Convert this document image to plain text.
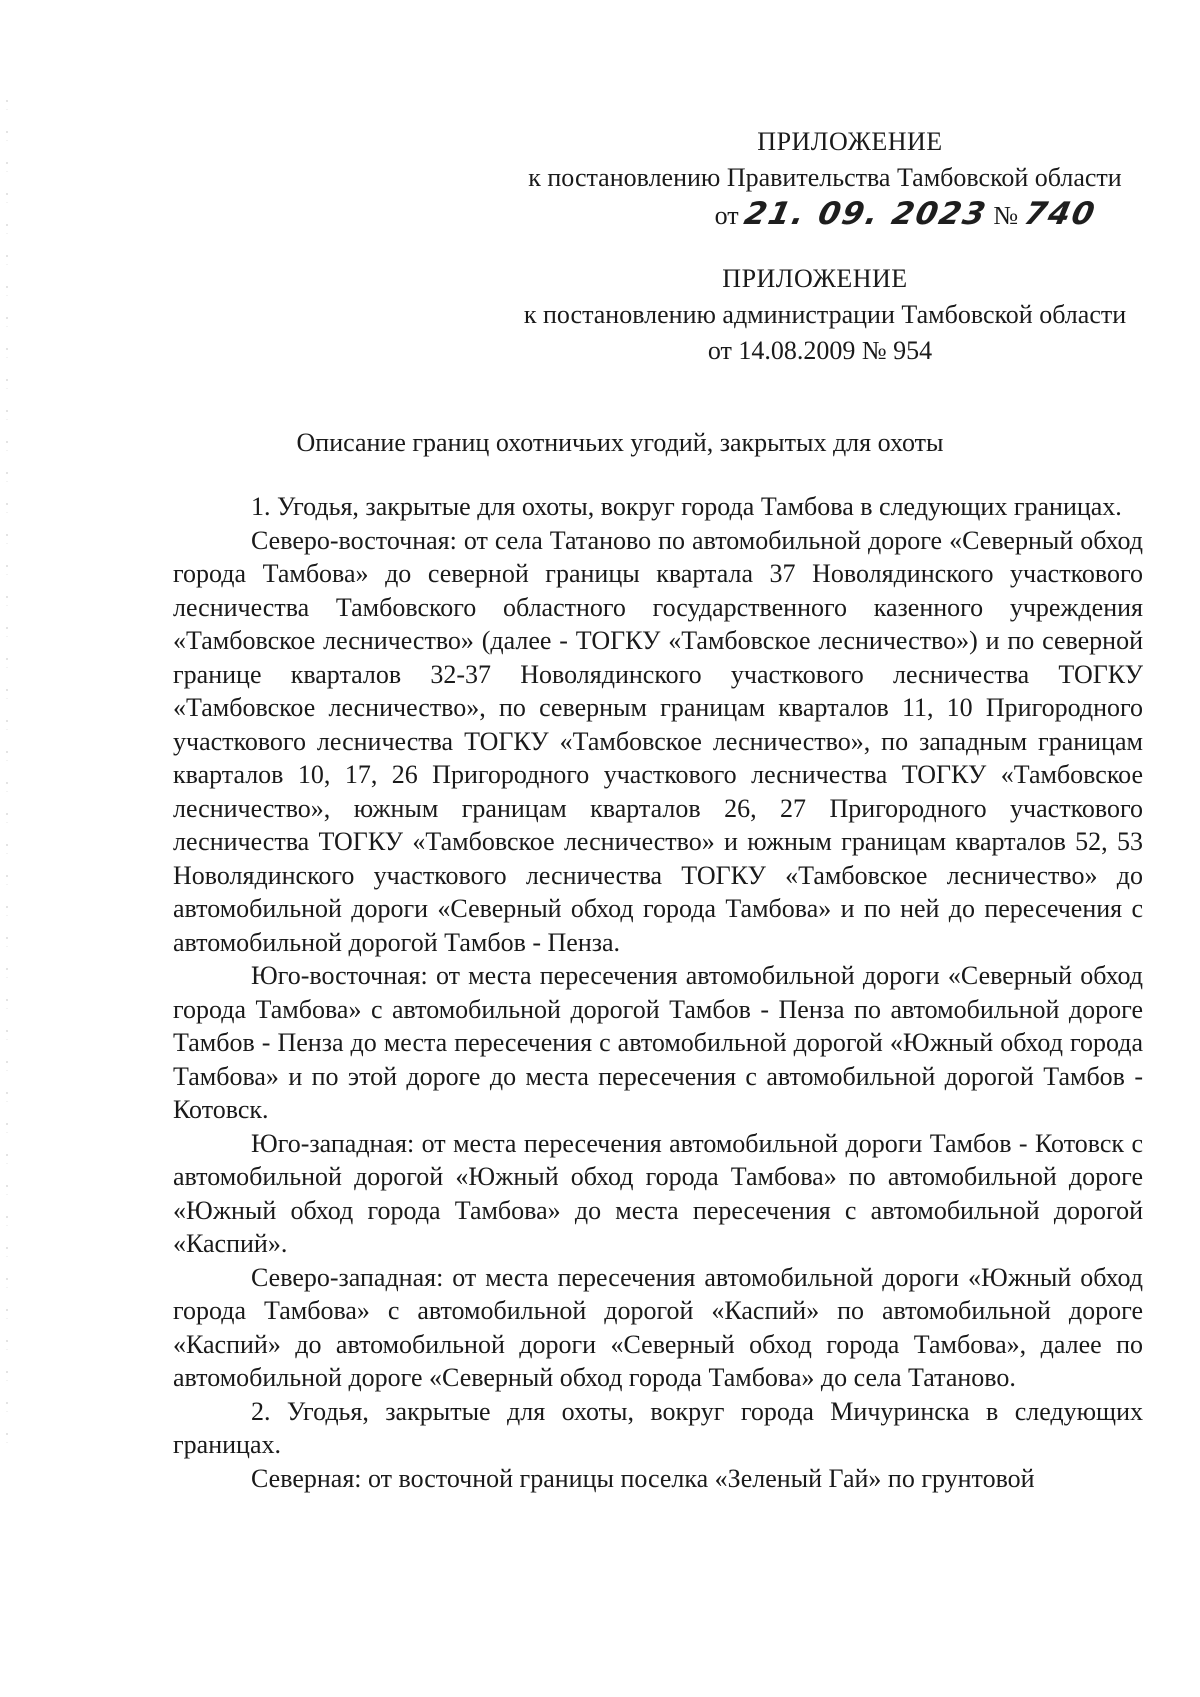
ПРИЛОЖЕНИЕ
к постановлению Правительства Тамбовской области
от 21. 09. 2023 № 740
ПРИЛОЖЕНИЕ
к постановлению администрации Тамбовской области
от 14.08.2009 № 954
Описание границ охотничьих угодий, закрытых для охоты

1. Угодья, закрытые для охоты, вокруг города Тамбова в следующих границах.

Северо-восточная: от села Татаново по автомобильной дороге «Северный обход города Тамбова» до северной границы квартала 37 Новолядинского участкового лесничества Тамбовского областного государственного казенного учреждения «Тамбовское лесничество» (далее - ТОГКУ «Тамбовское лесничество») и по северной границе кварталов 32-37 Новолядинского участкового лесничества ТОГКУ «Тамбовское лесничество», по северным границам кварталов 11, 10 Пригородного участкового лесничества ТОГКУ «Тамбовское лесничество», по западным границам кварталов 10, 17, 26 Пригородного участкового лесничества ТОГКУ «Тамбовское лесничество», южным границам кварталов 26, 27 Пригородного участкового лесничества ТОГКУ «Тамбовское лесничество» и южным границам кварталов 52, 53 Новолядинского участкового лесничества ТОГКУ «Тамбовское лесничество» до автомобильной дороги «Северный обход города Тамбова» и по ней до пересечения с автомобильной дорогой Тамбов - Пенза.

Юго-восточная: от места пересечения автомобильной дороги «Северный обход города Тамбова» с автомобильной дорогой Тамбов - Пенза по автомобильной дороге Тамбов - Пенза до места пересечения с автомобильной дорогой «Южный обход города Тамбова» и по этой дороге до места пересечения с автомобильной дорогой Тамбов - Котовск.

Юго-западная: от места пересечения автомобильной дороги Тамбов - Котовск с автомобильной дорогой «Южный обход города Тамбова» по автомобильной дороге «Южный обход города Тамбова» до места пересечения с автомобильной дорогой «Каспий».

Северо-западная: от места пересечения автомобильной дороги «Южный обход города Тамбова» с автомобильной дорогой «Каспий» по автомобильной дороге «Каспий» до автомобильной дороги «Северный обход города Тамбова», далее по автомобильной дороге «Северный обход города Тамбова» до села Татаново.

2. Угодья, закрытые для охоты, вокруг города Мичуринска в следующих границах.

Северная: от восточной границы поселка «Зеленый Гай» по грунтовой
